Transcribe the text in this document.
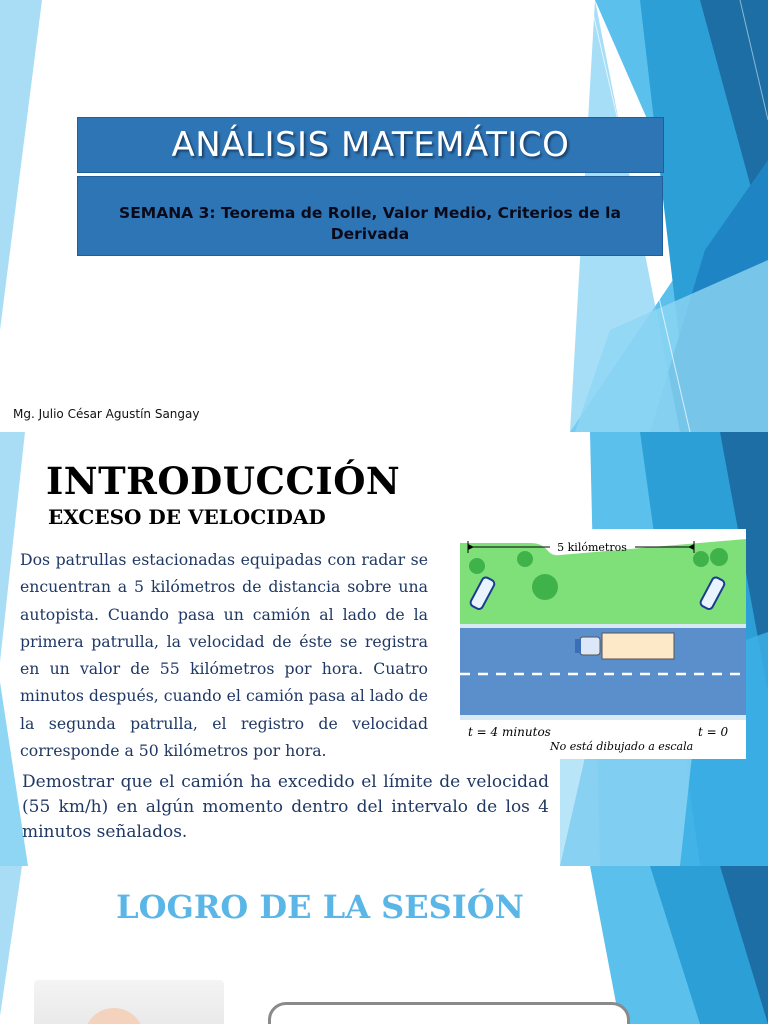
ANÁLISIS MATEMÁTICO
SEMANA 3: Teorema de Rolle, Valor Medio, Criterios de la Derivada
Mg. Julio César Agustín Sangay
INTRODUCCIÓN
EXCESO DE VELOCIDAD
Dos patrullas estacionadas equipadas con radar se encuentran a 5 kilómetros de distancia sobre una autopista. Cuando pasa un camión al lado de la primera patrulla, la velocidad de éste se registra en un valor de 55 kilómetros por hora. Cuatro minutos después, cuando el camión pasa al lado de la segunda patrulla, el registro de velocidad corresponde a 50 kilómetros por hora.
Demostrar que el camión ha excedido el límite de velocidad (55 km/h) en algún momento dentro del intervalo de los 4 minutos señalados.
5 kilómetros
t = 4 minutos
No está dibujado a escala
t = 0
LOGRO DE LA SESIÓN
